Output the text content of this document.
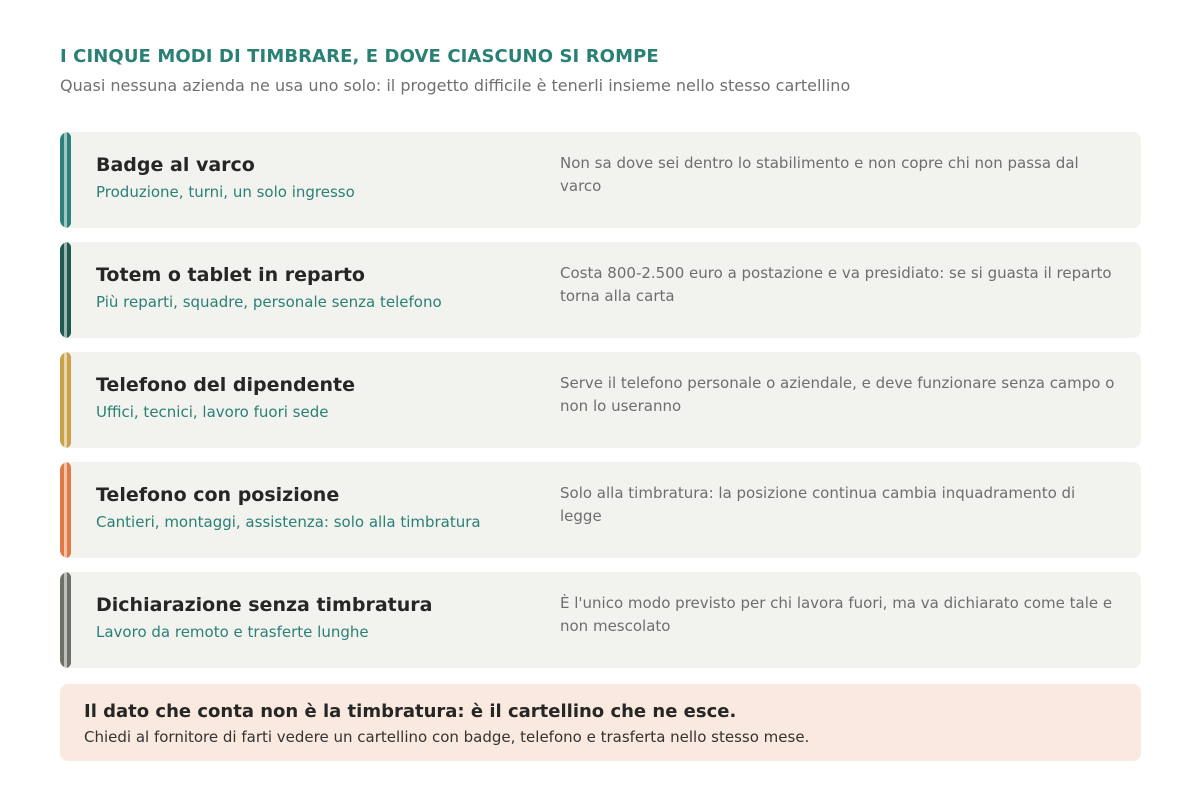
I CINQUE MODI DI TIMBRARE, E DOVE CIASCUNO SI ROMPE
Quasi nessuna azienda ne usa uno solo: il progetto difficile è tenerli insieme nello stesso cartellino
Badge al varco
Produzione, turni, un solo ingresso
Non sa dove sei dentro lo stabilimento e non copre chi non passa dal varco
Totem o tablet in reparto
Più reparti, squadre, personale senza telefono
Costa 800-2.500 euro a postazione e va presidiato: se si guasta il reparto torna alla carta
Telefono del dipendente
Uffici, tecnici, lavoro fuori sede
Serve il telefono personale o aziendale, e deve funzionare senza campo o non lo useranno
Telefono con posizione
Cantieri, montaggi, assistenza: solo alla timbratura
Solo alla timbratura: la posizione continua cambia inquadramento di legge
Dichiarazione senza timbratura
Lavoro da remoto e trasferte lunghe
È l'unico modo previsto per chi lavora fuori, ma va dichiarato come tale e non mescolato
Il dato che conta non è la timbratura: è il cartellino che ne esce.
Chiedi al fornitore di farti vedere un cartellino con badge, telefono e trasferta nello stesso mese.
